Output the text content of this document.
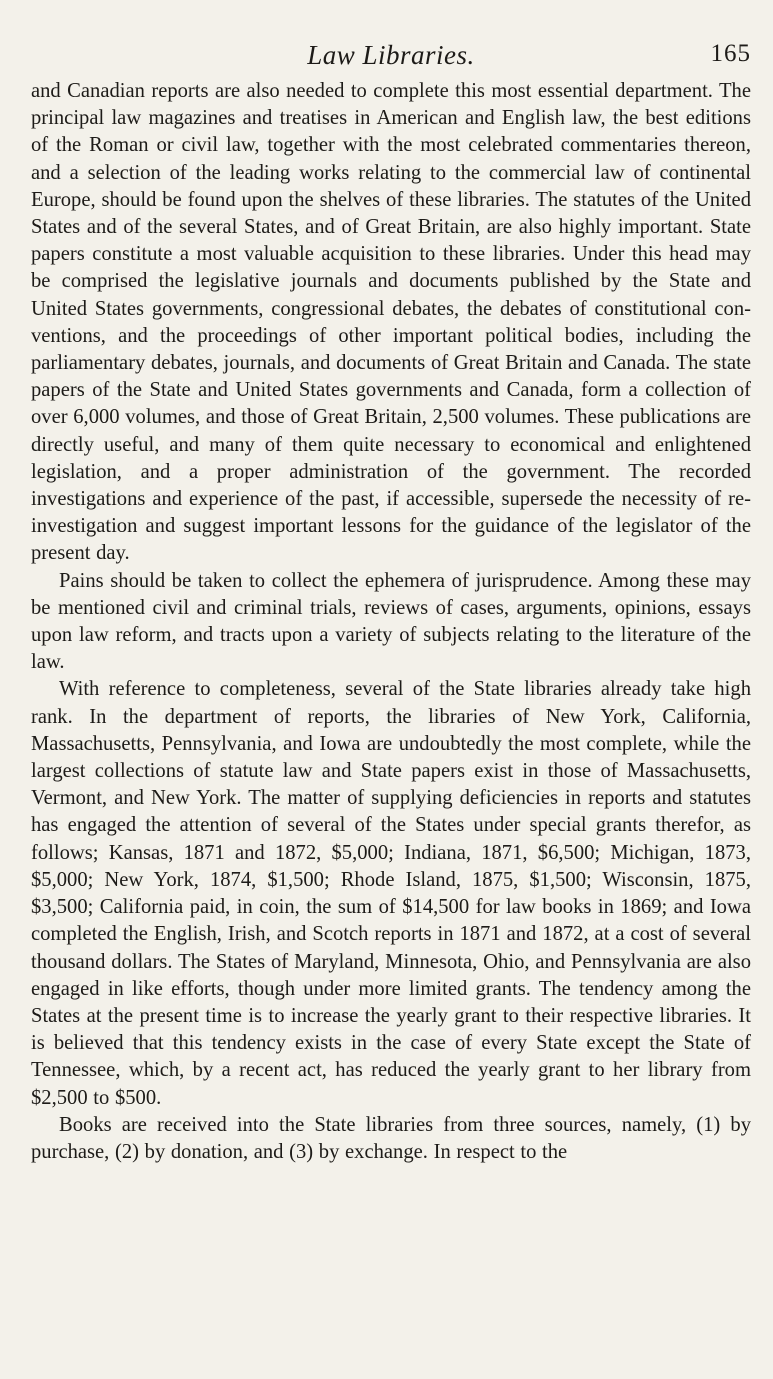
Law Libraries.	165

and Canadian reports are also needed to complete this most essential department. The principal law magazines and treatises in American and English law, the best editions of the Roman or civil law, together with the most celebrated commentaries thereon, and a selection of the leading works relating to the commercial law of continental Europe, should be found upon the shelves of these libraries. The statutes of the United States and of the several States, and of Great Britain, are also highly important. State papers constitute a most valuable acquisition to these libraries. Under this head may be comprised the legislative journals and documents published by the State and United States governments, congressional debates, the debates of constitutional conventions, and the proceedings of other important political bodies, including the parliamentary debates, journals, and documents of Great Britain and Canada. The state papers of the State and United States governments and Canada, form a collection of over 6,000 volumes, and those of Great Britain, 2,500 volumes. These publications are directly useful, and many of them quite necessary to economical and enlightened legislation, and a proper administration of the government. The recorded investigations and experience of the past, if accessible, supersede the necessity of re-investigation and suggest important lessons for the guidance of the legislator of the present day.

Pains should be taken to collect the ephemera of jurisprudence. Among these may be mentioned civil and criminal trials, reviews of cases, arguments, opinions, essays upon law reform, and tracts upon a variety of subjects relating to the literature of the law.

With reference to completeness, several of the State libraries already take high rank. In the department of reports, the libraries of New York, California, Massachusetts, Pennsylvania, and Iowa are undoubtedly the most complete, while the largest collections of statute law and State papers exist in those of Massachusetts, Vermont, and New York. The matter of supplying deficiencies in reports and statutes has engaged the attention of several of the States under special grants therefor, as follows; Kansas, 1871 and 1872, $5,000; Indiana, 1871, $6,500; Michigan, 1873, $5,000; New York, 1874, $1,500; Rhode Island, 1875, $1,500; Wisconsin, 1875, $3,500; California paid, in coin, the sum of $14,500 for law books in 1869; and Iowa completed the English, Irish, and Scotch reports in 1871 and 1872, at a cost of several thousand dollars. The States of Maryland, Minnesota, Ohio, and Pennsylvania are also engaged in like efforts, though under more limited grants. The tendency among the States at the present time is to increase the yearly grant to their respective libraries. It is believed that this tendency exists in the case of every State except the State of Tennessee, which, by a recent act, has reduced the yearly grant to her library from $2,500 to $500.

Books are received into the State libraries from three sources, namely, (1) by purchase, (2) by donation, and (3) by exchange. In respect to the
